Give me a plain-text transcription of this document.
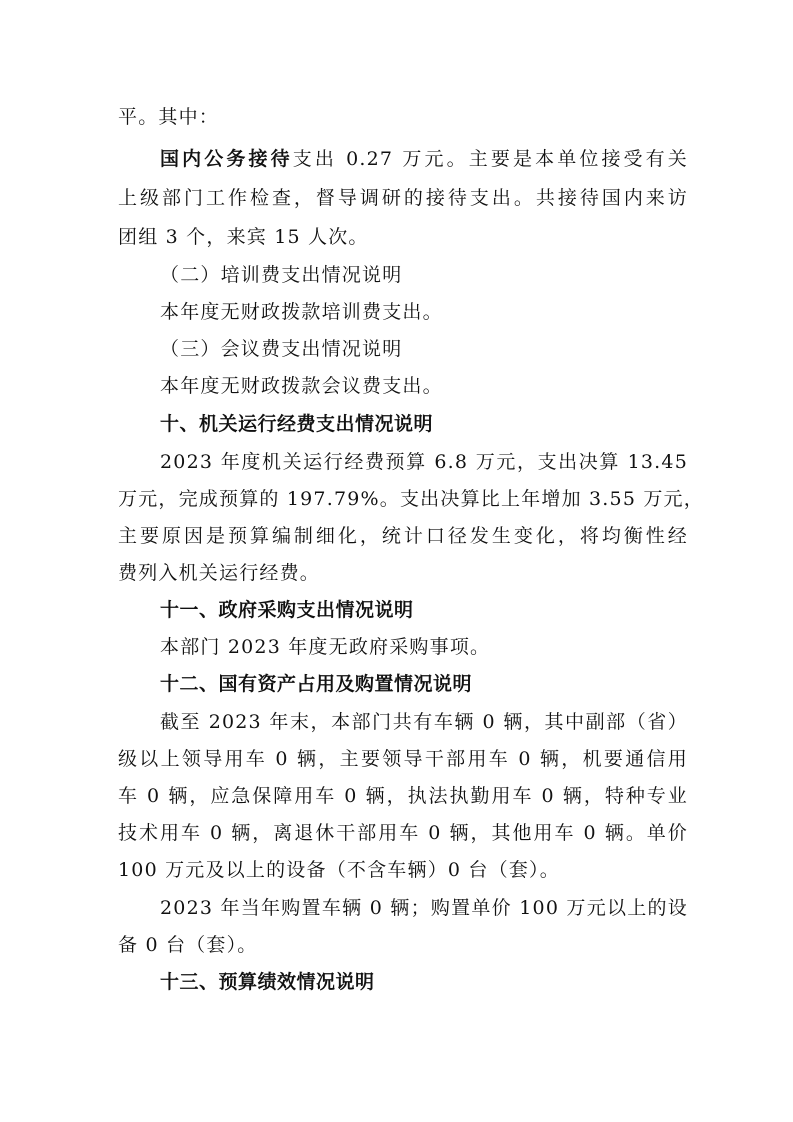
平。其中：
国内公务接待支出 0.27 万元。主要是本单位接受有关
上级部门工作检查，督导调研的接待支出。共接待国内来访
团组 3 个，来宾 15 人次。
（二）培训费支出情况说明
本年度无财政拨款培训费支出。
（三）会议费支出情况说明
本年度无财政拨款会议费支出。
十、机关运行经费支出情况说明
2023 年度机关运行经费预算 6.8 万元，支出决算 13.45
万元，完成预算的 197.79%。支出决算比上年增加 3.55 万元，
主要原因是预算编制细化，统计口径发生变化，将均衡性经
费列入机关运行经费。
十一、政府采购支出情况说明
本部门 2023 年度无政府采购事项。
十二、国有资产占用及购置情况说明
截至 2023 年末，本部门共有车辆 0 辆，其中副部（省）
级以上领导用车 0 辆，主要领导干部用车 0 辆，机要通信用
车 0 辆，应急保障用车 0 辆，执法执勤用车 0 辆，特种专业
技术用车 0 辆，离退休干部用车 0 辆，其他用车 0 辆。单价
100 万元及以上的设备（不含车辆）0 台（套）。
2023 年当年购置车辆 0 辆；购置单价 100 万元以上的设
备 0 台（套）。
十三、预算绩效情况说明
